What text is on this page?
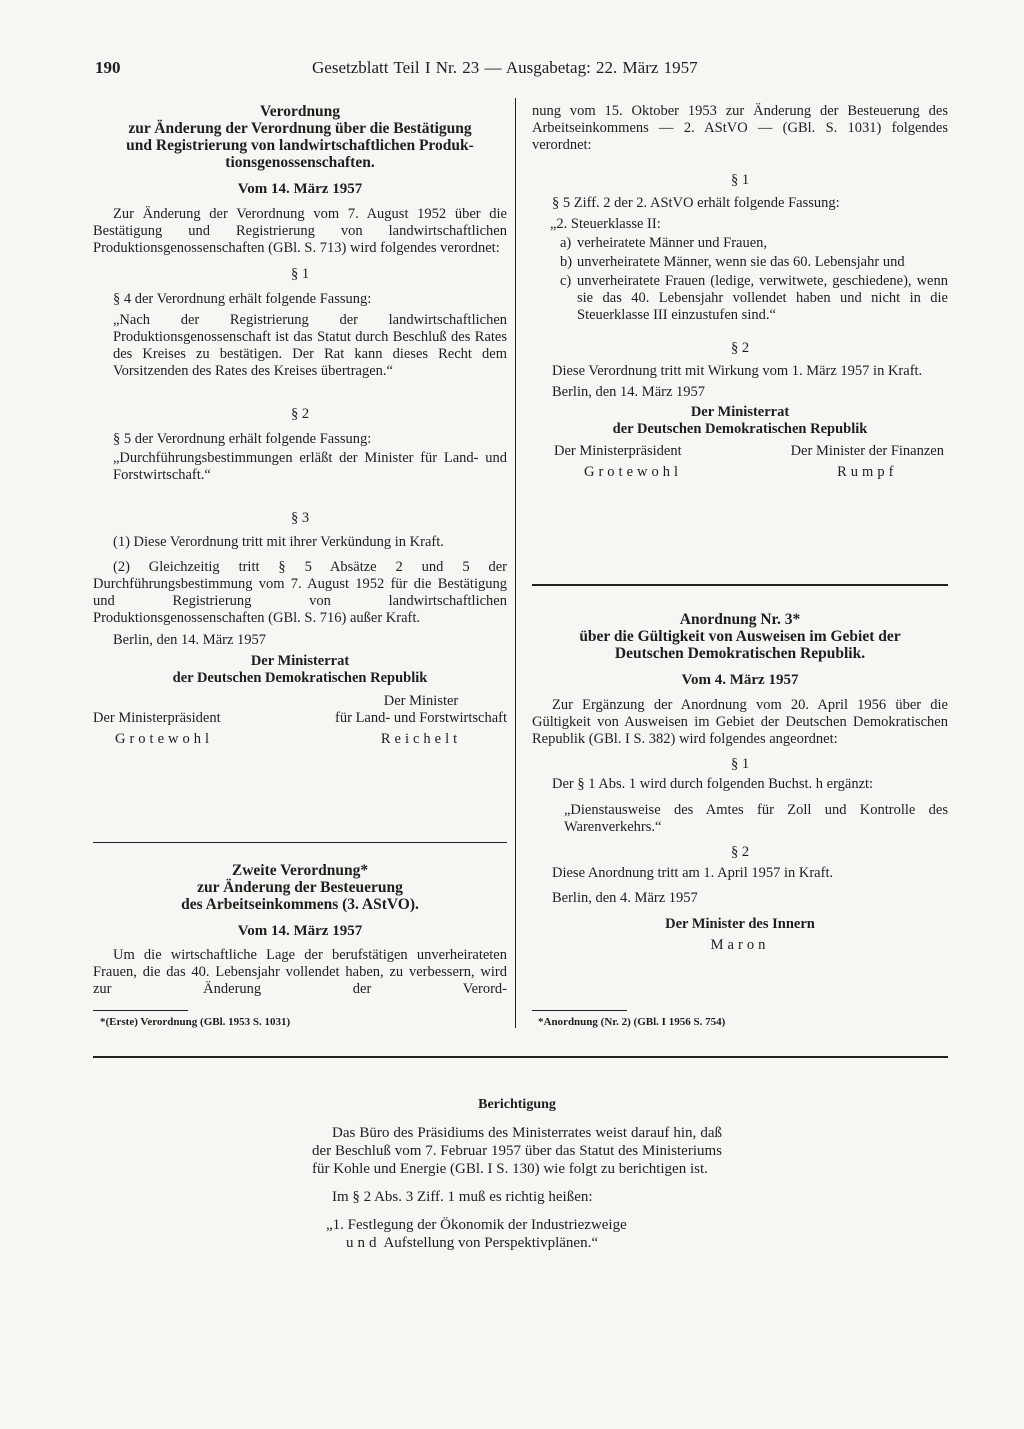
190	Gesetzblatt Teil I Nr. 23 — Ausgabetag: 22. März 1957
Verordnung
zur Änderung der Verordnung über die Bestätigung
und Registrierung von landwirtschaftlichen Produk-
tionsgenossenschaften.
Vom 14. März 1957

Zur Änderung der Verordnung vom 7. August 1952 über die Bestätigung und Registrierung von landwirtschaftlichen Produktionsgenossenschaften (GBl. S. 713) wird folgendes verordnet:

§ 1

§ 4 der Verordnung erhält folgende Fassung:

„Nach der Registrierung der landwirtschaftlichen Produktionsgenossenschaft ist das Statut durch Beschluß des Rates des Kreises zu bestätigen. Der Rat kann dieses Recht dem Vorsitzenden des Rates des Kreises übertragen.“

§ 2

§ 5 der Verordnung erhält folgende Fassung:

„Durchführungsbestimmungen erläßt der Minister für Land- und Forstwirtschaft.“

§ 3

(1) Diese Verordnung tritt mit ihrer Verkündung in Kraft.

(2) Gleichzeitig tritt § 5 Absätze 2 und 5 der Durchführungsbestimmung vom 7. August 1952 für die Bestätigung und Registrierung von landwirtschaftlichen Produktionsgenossenschaften (GBl. S. 716) außer Kraft.

Berlin, den 14. März 1957

Der Ministerrat
der Deutschen Demokratischen Republik
Der Ministerpräsident
Grotewohl
Der Minister
für Land- und Forstwirtschaft
Reichelt
Zweite Verordnung*
zur Änderung der Besteuerung
des Arbeitseinkommens (3. AStVO).
Vom 14. März 1957

Um die wirtschaftliche Lage der berufstätigen unverheirateten Frauen, die das 40. Lebensjahr vollendet haben, zu verbessern, wird zur Änderung der Verord-

*(Erste) Verordnung (GBl. 1953 S. 1031)

nung vom 15. Oktober 1953 zur Änderung der Besteuerung des Arbeitseinkommens — 2. AStVO — (GBl. S. 1031) folgendes verordnet:

§ 1

§ 5 Ziff. 2 der 2. AStVO erhält folgende Fassung:

„2. Steuerklasse II:

a) verheiratete Männer und Frauen,
b) unverheiratete Männer, wenn sie das 60. Lebensjahr und
c) unverheiratete Frauen (ledige, verwitwete, geschiedene), wenn sie das 40. Lebensjahr vollendet haben und nicht in die Steuerklasse III einzustufen sind.“

§ 2

Diese Verordnung tritt mit Wirkung vom 1. März 1957 in Kraft.

Berlin, den 14. März 1957

Der Ministerrat
der Deutschen Demokratischen Republik
Der Ministerpräsident
Grotewohl
Der Minister der Finanzen
Rumpf
Anordnung Nr. 3*
über die Gültigkeit von Ausweisen im Gebiet der
Deutschen Demokratischen Republik.
Vom 4. März 1957

Zur Ergänzung der Anordnung vom 20. April 1956 über die Gültigkeit von Ausweisen im Gebiet der Deutschen Demokratischen Republik (GBl. I S. 382) wird folgendes angeordnet:

§ 1

Der § 1 Abs. 1 wird durch folgenden Buchst. h ergänzt:

„Dienstausweise des Amtes für Zoll und Kontrolle des Warenverkehrs.“

§ 2

Diese Anordnung tritt am 1. April 1957 in Kraft.

Berlin, den 4. März 1957

Der Minister des Innern
Maron
*Anordnung (Nr. 2) (GBl. I 1956 S. 754)
Berichtigung

Das Büro des Präsidiums des Ministerrates weist darauf hin, daß der Beschluß vom 7. Februar 1957 über das Statut des Ministeriums für Kohle und Energie (GBl. I S. 130) wie folgt zu berichtigen ist.

Im § 2 Abs. 3 Ziff. 1 muß es richtig heißen:

„1. Festlegung der Ökonomik der Industriezweige

und Aufstellung von Perspektivplänen.“
